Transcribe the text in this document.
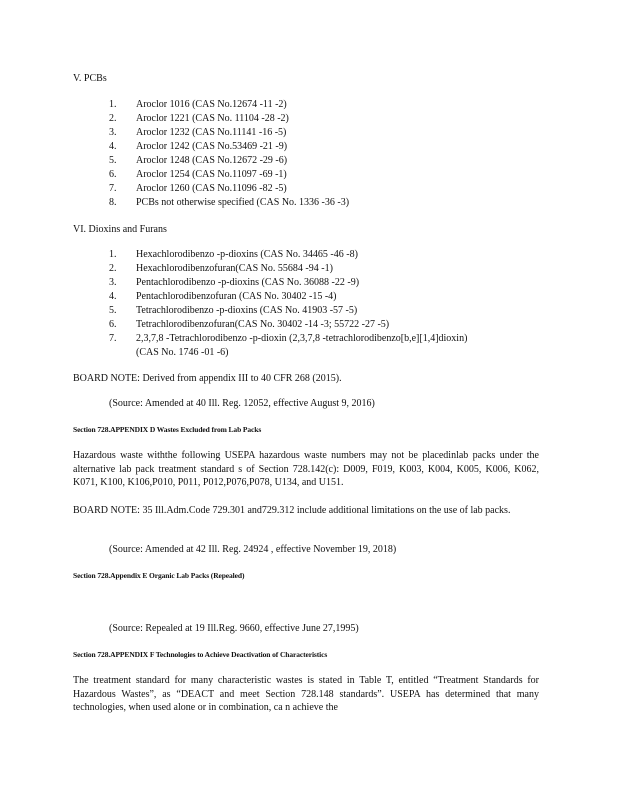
V. PCBs
1. Aroclor 1016 (CAS No.12674 -11 -2)
2. Aroclor 1221 (CAS No. 11104 -28 -2)
3. Aroclor 1232 (CAS No.11141 -16 -5)
4. Aroclor 1242 (CAS No.53469 -21 -9)
5. Aroclor 1248 (CAS No.12672 -29 -6)
6. Aroclor 1254 (CAS No.11097 -69 -1)
7. Aroclor 1260 (CAS No.11096 -82 -5)
8. PCBs not otherwise specified (CAS No. 1336 -36 -3)
VI. Dioxins and Furans
1. Hexachlorodibenzo -p-dioxins (CAS No. 34465 -46 -8)
2. Hexachlorodibenzofuran(CAS No. 55684 -94 -1)
3. Pentachlorodibenzo -p-dioxins (CAS No. 36088 -22 -9)
4. Pentachlorodibenzofuran (CAS No. 30402 -15 -4)
5. Tetrachlorodibenzo -p-dioxins (CAS No. 41903 -57 -5)
6. Tetrachlorodibenzofuran(CAS No. 30402 -14 -3; 55722 -27 -5)
7. 2,3,7,8 -Tetrachlorodibenzo -p-dioxin (2,3,7,8 -tetrachlorodibenzo[b,e][1,4]dioxin)
(CAS No. 1746 -01 -6)
BOARD NOTE: Derived from appendix III to 40 CFR 268 (2015).
(Source: Amended at 40 Ill. Reg. 12052, effective August 9, 2016)
Section 728.APPENDIX D Wastes Excluded from Lab Packs
Hazardous waste withthe following USEPA hazardous waste numbers may not be placedinlab packs under the alternative lab pack treatment standard s of Section 728.142(c): D009, F019, K003, K004, K005, K006, K062, K071, K100, K106,P010, P011, P012,P076,P078, U134, and U151.
BOARD NOTE: 35 Ill.Adm.Code 729.301 and729.312 include additional limitations on the use of lab packs.
(Source: Amended at 42 Ill. Reg. 24924 , effective November 19, 2018)
Section 728.Appendix E Organic Lab Packs (Repealed)
(Source: Repealed at 19 Ill.Reg. 9660, effective June 27,1995)
Section 728.APPENDIX F Technologies to Achieve Deactivation of Characteristics
The treatment standard for many characteristic wastes is stated in Table T, entitled “Treatment Standards for Hazardous Wastes”, as “DEACT and meet Section 728.148 standards”. USEPA has determined that many technologies, when used alone or in combination, ca n achieve the
